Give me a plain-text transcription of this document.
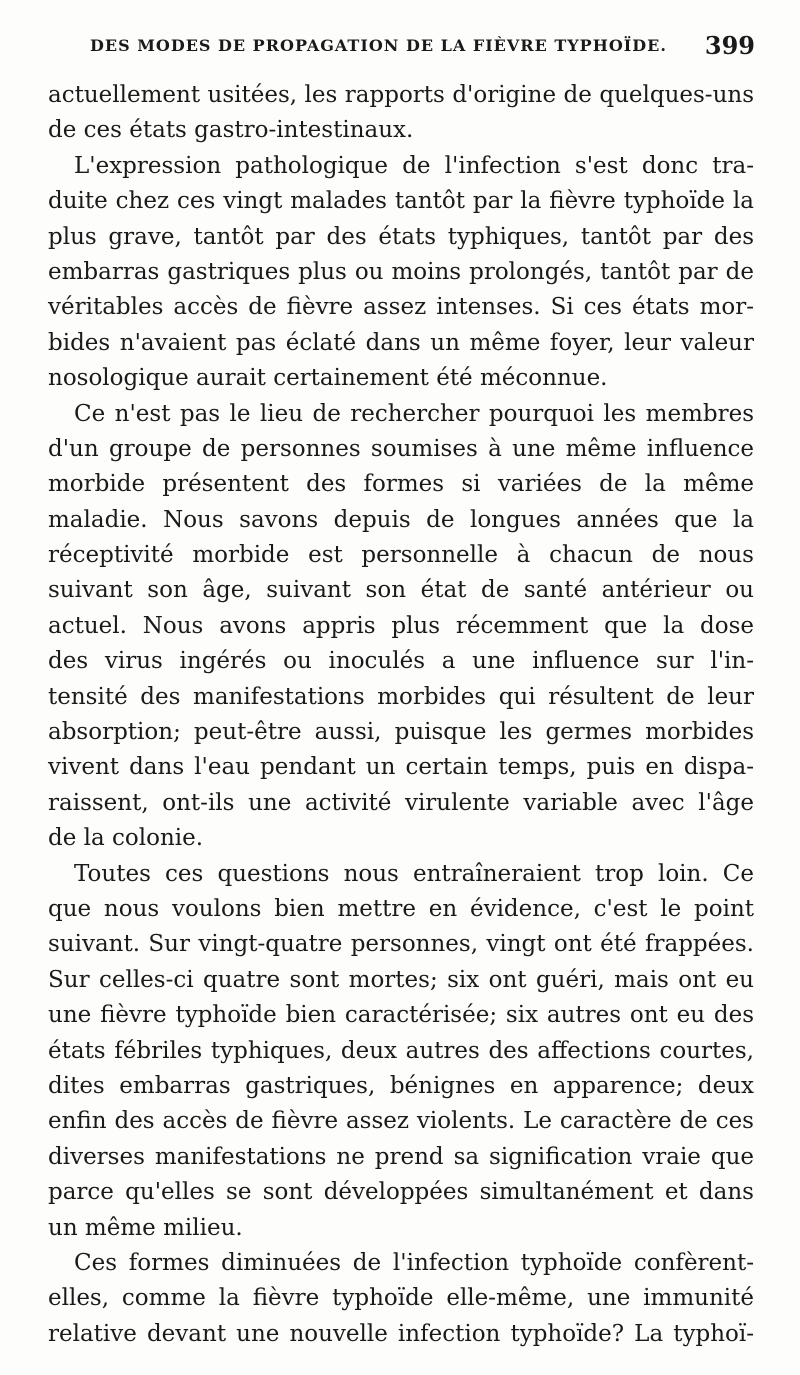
DES MODES DE PROPAGATION DE LA FIÈVRE TYPHOÏDE. 399
actuellement usitées, les rapports d'origine de quelques-uns
de ces états gastro-intestinaux.
L'expression pathologique de l'infection s'est donc tra-
duite chez ces vingt malades tantôt par la fièvre typhoïde la
plus grave, tantôt par des états typhiques, tantôt par des
embarras gastriques plus ou moins prolongés, tantôt par de
véritables accès de fièvre assez intenses. Si ces états mor-
bides n'avaient pas éclaté dans un même foyer, leur valeur
nosologique aurait certainement été méconnue.
Ce n'est pas le lieu de rechercher pourquoi les membres
d'un groupe de personnes soumises à une même influence
morbide présentent des formes si variées de la même
maladie. Nous savons depuis de longues années que la
réceptivité morbide est personnelle à chacun de nous
suivant son âge, suivant son état de santé antérieur ou
actuel. Nous avons appris plus récemment que la dose
des virus ingérés ou inoculés a une influence sur l'in-
tensité des manifestations morbides qui résultent de leur
absorption; peut-être aussi, puisque les germes morbides
vivent dans l'eau pendant un certain temps, puis en dispa-
raissent, ont-ils une activité virulente variable avec l'âge
de la colonie.
Toutes ces questions nous entraîneraient trop loin. Ce
que nous voulons bien mettre en évidence, c'est le point
suivant. Sur vingt-quatre personnes, vingt ont été frappées.
Sur celles-ci quatre sont mortes; six ont guéri, mais ont eu
une fièvre typhoïde bien caractérisée; six autres ont eu des
états fébriles typhiques, deux autres des affections courtes,
dites embarras gastriques, bénignes en apparence; deux
enfin des accès de fièvre assez violents. Le caractère de ces
diverses manifestations ne prend sa signification vraie que
parce qu'elles se sont développées simultanément et dans
un même milieu.
Ces formes diminuées de l'infection typhoïde confèrent-
elles, comme la fièvre typhoïde elle-même, une immunité
relative devant une nouvelle infection typhoïde? La typhoï-
